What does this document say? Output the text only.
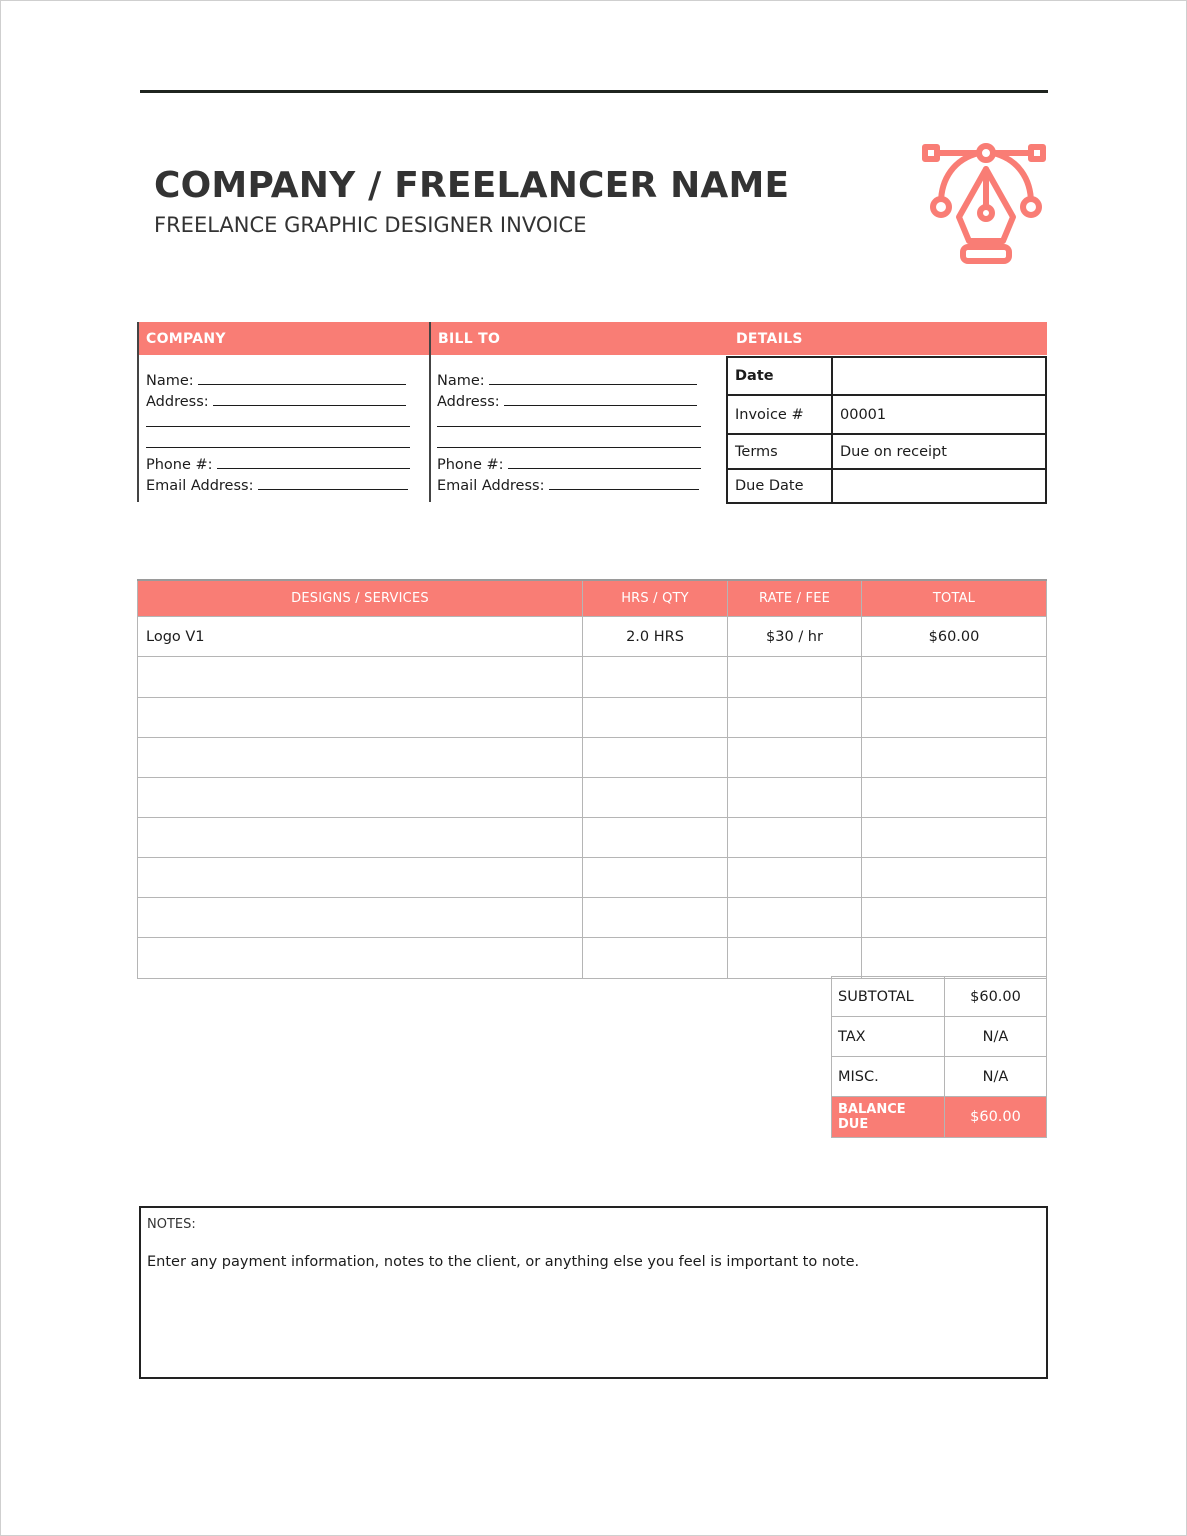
COMPANY / FREELANCER NAME
FREELANCE GRAPHIC DESIGNER INVOICE
COMPANY	BILL TO	DETAILS
Name:
Address:
Phone #:
Email Address:
Name:
Address:
Phone #:
Email Address:
Date	
Invoice #	00001
Terms	Due on receipt
Due Date	
DESIGNS / SERVICES	HRS / QTY	RATE / FEE	TOTAL
Logo V1	2.0 HRS	$30 / hr	$60.00

SUBTOTAL	$60.00
TAX	N/A
MISC.	N/A
BALANCE DUE	$60.00
NOTES:
Enter any payment information, notes to the client, or anything else you feel is important to note.
